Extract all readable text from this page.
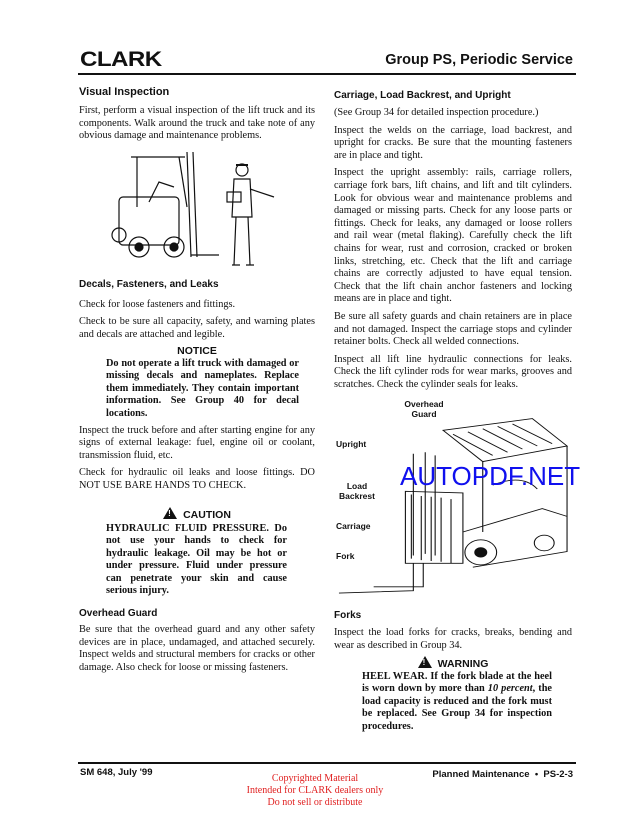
CLARK	Group PS, Periodic Service
Visual Inspection

First, perform a visual inspection of the lift truck and its components. Walk around the truck and take note of any obvious damage and maintenance problems.

Decals, Fasteners, and Leaks

Check for loose fasteners and fittings.

Check to be sure all capacity, safety, and warning plates and decals are attached and legible.

NOTICE
Do not operate a lift truck with damaged or missing decals and nameplates. Replace them immediately. They contain important information. See Group 40 for decal locations.

Inspect the truck before and after starting engine for any signs of external leakage: fuel, engine oil or coolant, transmission fluid, etc.

Check for hydraulic oil leaks and loose fittings. DO NOT USE BARE HANDS TO CHECK.

!CAUTION
HYDRAULIC FLUID PRESSURE. Do not use your hands to check for hydraulic leakage. Oil may be hot or under pressure. Fluid under pressure can penetrate your skin and cause serious injury.
Overhead Guard

Be sure that the overhead guard and any other safety devices are in place, undamaged, and attached securely. Inspect welds and structural members for cracks or other damage. Also check for loose or missing fasteners.

Carriage, Load Backrest, and Upright

(See Group 34 for detailed inspection procedure.)

Inspect the welds on the carriage, load backrest, and upright for cracks. Be sure that the mounting fasteners are in place and tight.

Inspect the upright assembly: rails, carriage rollers, carriage fork bars, lift chains, and lift and tilt cylinders. Look for obvious wear and maintenance problems and damaged or missing parts. Check for any loose parts or fittings. Check for leaks, any damaged or loose rollers and rail wear (metal flaking). Carefully check the lift chains for wear, rust and corrosion, cracked or broken links, stretching, etc. Check that the lift and carriage chains are correctly adjusted to have equal tension. Check that the lift chain anchor fasteners and locking means are in place and tight.

Be sure all safety guards and chain retainers are in place and not damaged. Inspect the carriage stops and cylinder retainer bolts. Check all welded connections.

Inspect all lift line hydraulic connections for leaks. Check the lift cylinder rods for wear marks, grooves and scratches. Check the cylinder seals for leaks.

Overhead Guard
Upright
Load Backrest
Carriage
Fork
AUTOPDF.NET
Forks

Inspect the load forks for cracks, breaks, bending and wear as described in Group 34.

!WARNING
HEEL WEAR. If the fork blade at the heel is worn down by more than 10 percent, the load capacity is reduced and the fork must be replaced. See Group 34 for inspection procedures.
SM 648, July '99	Planned Maintenance  •  PS-2-3
Copyrighted Material
Intended for CLARK dealers only
Do not sell or distribute
